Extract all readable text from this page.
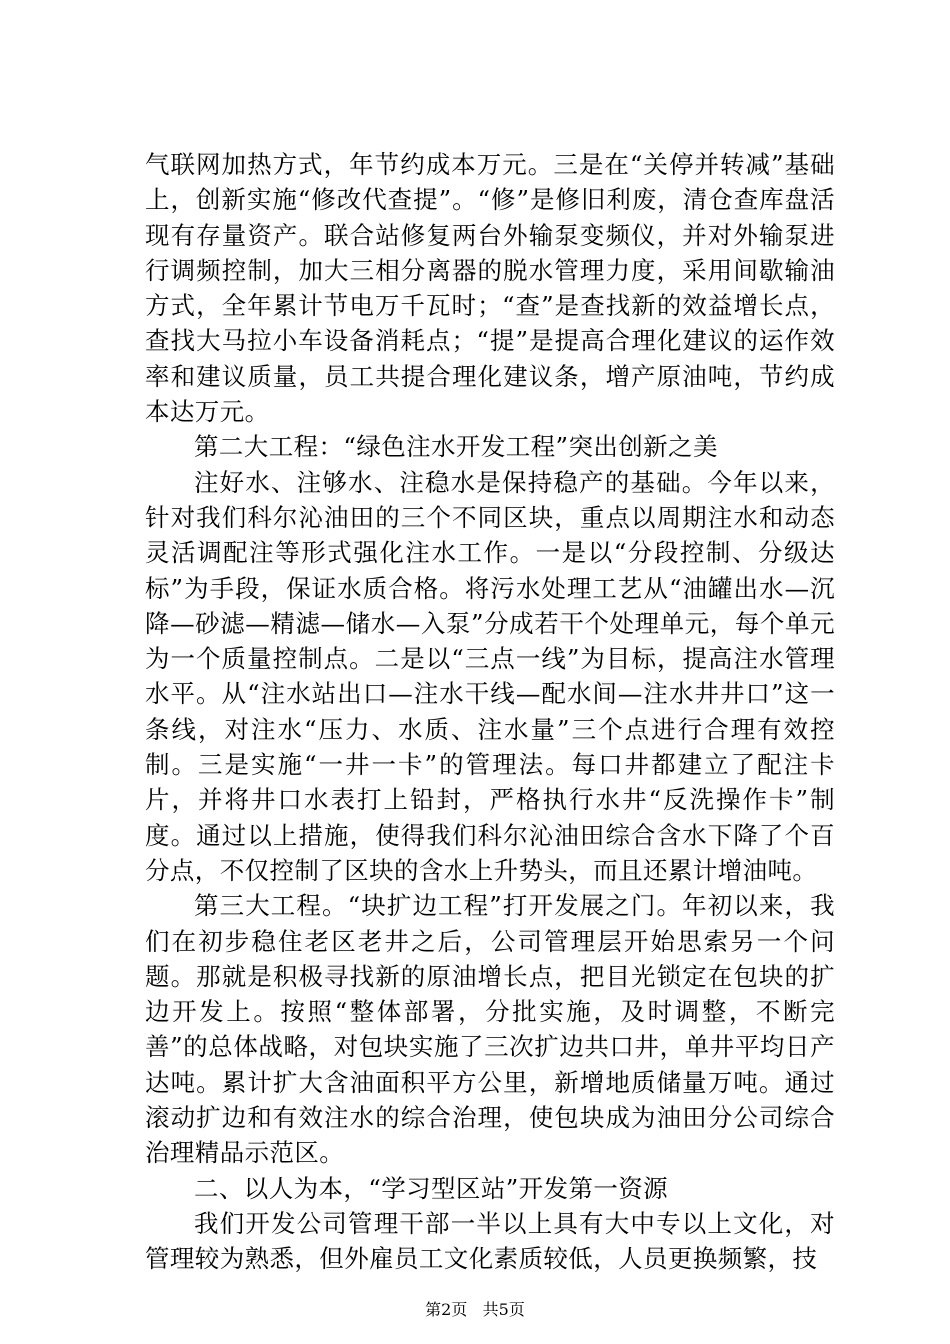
气联网加热方式，年节约成本万元。三是在“关停并转减”基础上，创新实施“修改代查提”。“修”是修旧利废，清仓查库盘活现有存量资产。联合站修复两台外输泵变频仪，并对外输泵进行调频控制，加大三相分离器的脱水管理力度，采用间歇输油方式，全年累计节电万千瓦时；“查”是查找新的效益增长点，查找大马拉小车设备消耗点；“提”是提高合理化建议的运作效率和建议质量，员工共提合理化建议条，增产原油吨，节约成本达万元。

第二大工程：“绿色注水开发工程”突出创新之美

注好水、注够水、注稳水是保持稳产的基础。今年以来，针对我们科尔沁油田的三个不同区块，重点以周期注水和动态灵活调配注等形式强化注水工作。一是以“分段控制、分级达标”为手段，保证水质合格。将污水处理工艺从“油罐出水—沉降—砂滤—精滤—储水—入泵”分成若干个处理单元，每个单元为一个质量控制点。二是以“三点一线”为目标，提高注水管理水平。从“注水站出口—注水干线—配水间—注水井井口”这一条线，对注水“压力、水质、注水量”三个点进行合理有效控制。三是实施“一井一卡”的管理法。每口井都建立了配注卡片，并将井口水表打上铅封，严格执行水井“反洗操作卡”制度。通过以上措施，使得我们科尔沁油田综合含水下降了个百分点，不仅控制了区块的含水上升势头，而且还累计增油吨。

第三大工程。“块扩边工程”打开发展之门。年初以来，我们在初步稳住老区老井之后，公司管理层开始思索另一个问题。那就是积极寻找新的原油增长点，把目光锁定在包块的扩边开发上。按照“整体部署，分批实施，及时调整，不断完善”的总体战略，对包块实施了三次扩边共口井，单井平均日产达吨。累计扩大含油面积平方公里，新增地质储量万吨。通过滚动扩边和有效注水的综合治理，使包块成为油田分公司综合治理精品示范区。

二、以人为本，“学习型区站”开发第一资源

我们开发公司管理干部一半以上具有大中专以上文化，对管理较为熟悉，但外雇员工文化素质较低，人员更换频繁，技

第2页 共5页
